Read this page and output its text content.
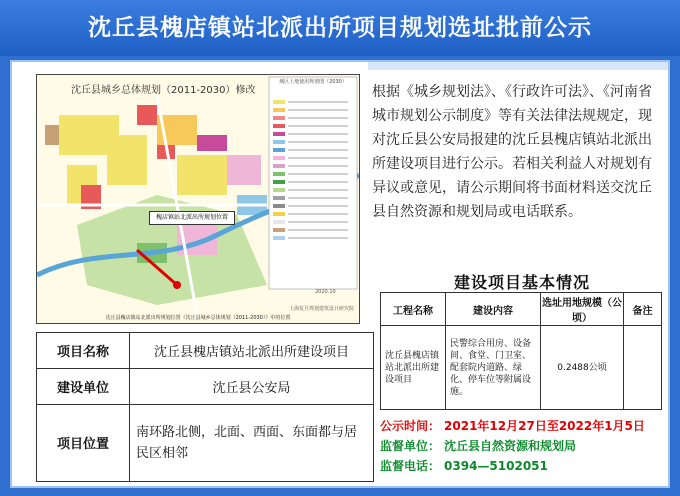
沈丘县槐店镇站北派出所项目规划选址批前公示
沈丘县城乡总体规划（2011-2030）修改
城区土地使用规划图（2030）
槐店镇站北派出所规划位置
2020.10
上海复旦规划建筑设计研究院
沈丘县槐店镇站北派出所规划位置《沈丘县城乡总体规划（2011-2030）》中的位置
项目名称	沈丘县槐店镇站北派出所建设项目
建设单位	沈丘县公安局
项目位置	南环路北侧，北面、西面、东面都与居民区相邻
根据《城乡规划法》、《行政许可法》、《河南省城市规划公示制度》等有关法律法规规定，现对沈丘县公安局报建的沈丘县槐店镇站北派出所建设项目进行公示。若相关利益人对规划有异议或意见，请公示期间将书面材料送交沈丘县自然资源和规划局或电话联系。
建设项目基本情况
工程名称	建设内容	选址用地规模（公顷）	备注
沈丘县槐店镇站北派出所建设项目	民警综合用房、设备间、食堂、门卫室、配套院内道路、绿化、停车位等附属设施。	0.2488公顷	
公示时间： 2021年12月27日至2022年1月5日
监督单位： 沈丘县自然资源和规划局
监督电话： 0394—5102051
